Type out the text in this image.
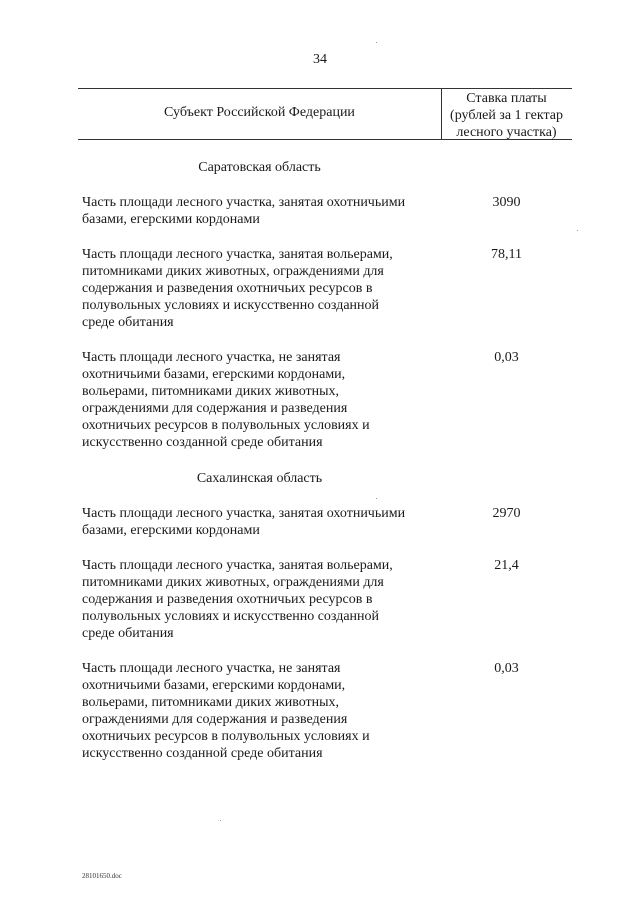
34
Субъект Российской Федерации
Ставка платы
(рублей за 1 гектар
лесного участка)
Саратовская область
Часть площади лесного участка, занятая охотничьими
базами, егерскими кордонами
3090
Часть площади лесного участка, занятая вольерами,
питомниками диких животных, ограждениями для
содержания и разведения охотничьих ресурсов в
полувольных условиях и искусственно созданной
среде обитания
78,11
Часть площади лесного участка, не занятая
охотничьими базами, егерскими кордонами,
вольерами, питомниками диких животных,
ограждениями для содержания и разведения
охотничьих ресурсов в полувольных условиях и
искусственно созданной среде обитания
0,03
Сахалинская область
Часть площади лесного участка, занятая охотничьими
базами, егерскими кордонами
2970
Часть площади лесного участка, занятая вольерами,
питомниками диких животных, ограждениями для
содержания и разведения охотничьих ресурсов в
полувольных условиях и искусственно созданной
среде обитания
21,4
Часть площади лесного участка, не занятая
охотничьими базами, егерскими кордонами,
вольерами, питомниками диких животных,
ограждениями для содержания и разведения
охотничьих ресурсов в полувольных условиях и
искусственно созданной среде обитания
0,03
28101650.doc
